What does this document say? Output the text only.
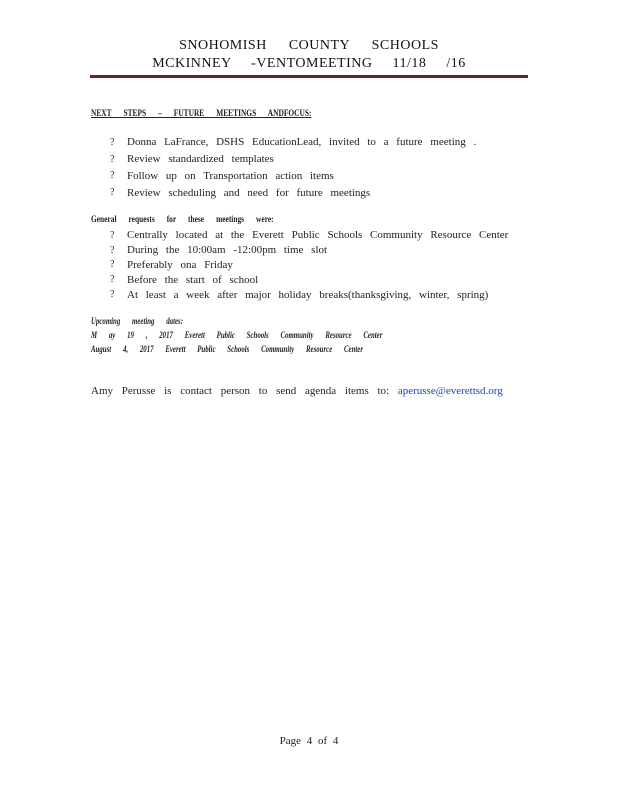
SNOHOMISH COUNTY SCHOOLS
MCKINNEY -VENTOMEETING 11/18 /16
NEXT STEPS – FUTURE MEETINGS ANDFOCUS:
?	Donna LaFrance, DSHS EducationLead, invited to a future meeting .
?	Review standardized templates
?	Follow up on Transportation action items
?	Review scheduling and need for future meetings
General requests for these meetings were:
?	Centrally located at the Everett Public Schools Community Resource Center
?	During the 10:00am -12:00pm time slot
?	Preferably ona Friday
?	Before the start of school
?	At least a week after major holiday breaks(thanksgiving, winter, spring)
Upcoming meeting dates:
M ay 19 , 2017 Everett Public Schools Community Resource Center
August 4, 2017 Everett Public Schools Community Resource Center
Amy Perusse is contact person to send agenda items to: aperusse@everettsd.org
Page 4 of 4
